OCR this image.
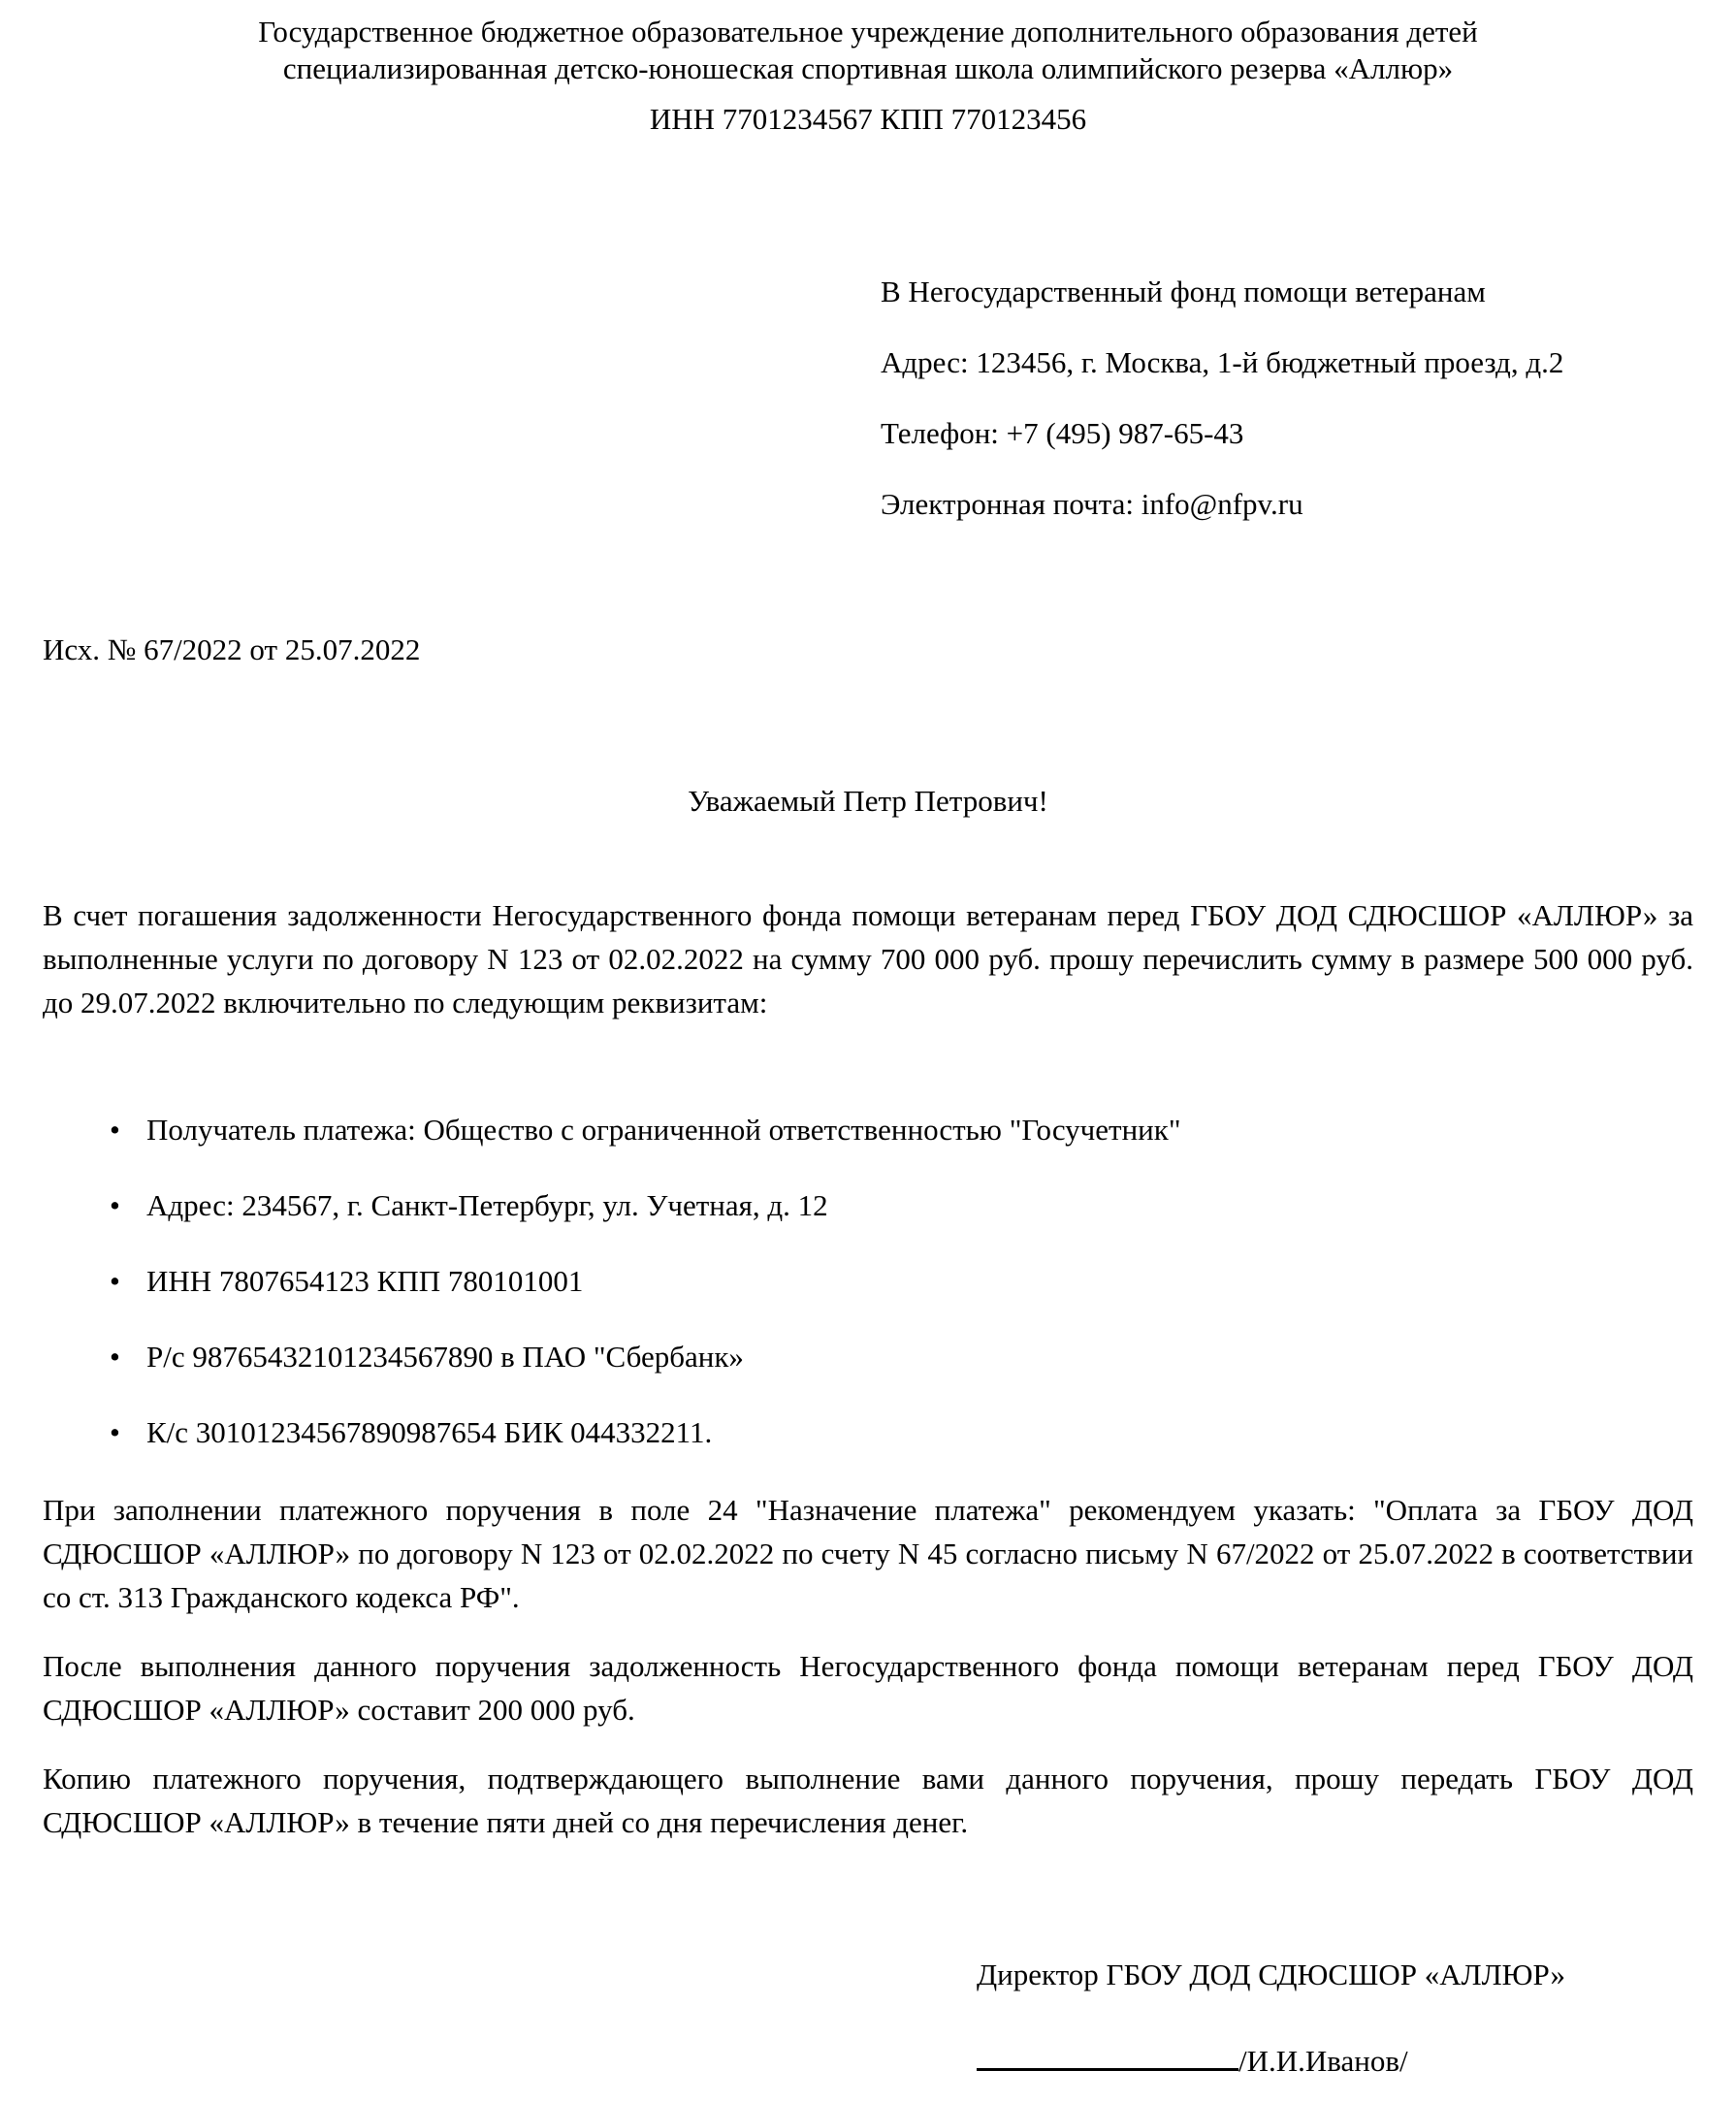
Государственное бюджетное образовательное учреждение дополнительного образования детей

специализированная детско-юношеская спортивная школа олимпийского резерва «Аллюр»

ИНН 7701234567 КПП 770123456

В Негосударственный фонд помощи ветеранам

Адрес: 123456, г. Москва, 1-й бюджетный проезд, д.2

Телефон: +7 (495) 987-65-43

Электронная почта: info@nfpv.ru

Исх. № 67/2022 от 25.07.2022

Уважаемый Петр Петрович!

В счет погашения задолженности Негосударственного фонда помощи ветеранам перед ГБОУ ДОД СДЮСШОР «АЛЛЮР» за выполненные услуги по договору N 123 от 02.02.2022 на сумму 700 000 руб. прошу перечислить сумму в размере 500 000 руб. до 29.07.2022 включительно по следующим реквизитам:

• Получатель платежа: Общество с ограниченной ответственностью "Госучетник"
• Адрес: 234567, г. Санкт-Петербург, ул. Учетная, д. 12
• ИНН 7807654123 КПП 780101001
• Р/с 98765432101234567890 в ПАО "Сбербанк»
• К/с 30101234567890987654 БИК 044332211.

При заполнении платежного поручения в поле 24 "Назначение платежа" рекомендуем указать: "Оплата за ГБОУ ДОД СДЮСШОР «АЛЛЮР» по договору N 123 от 02.02.2022 по счету N 45 согласно письму N 67/2022 от 25.07.2022 в соответствии со ст. 313 Гражданского кодекса РФ".

После выполнения данного поручения задолженность Негосударственного фонда помощи ветеранам перед ГБОУ ДОД СДЮСШОР «АЛЛЮР» составит 200 000 руб.

Копию платежного поручения, подтверждающего выполнение вами данного поручения, прошу передать ГБОУ ДОД СДЮСШОР «АЛЛЮР» в течение пяти дней со дня перечисления денег.

Директор ГБОУ ДОД СДЮСШОР «АЛЛЮР»

/И.И.Иванов/
